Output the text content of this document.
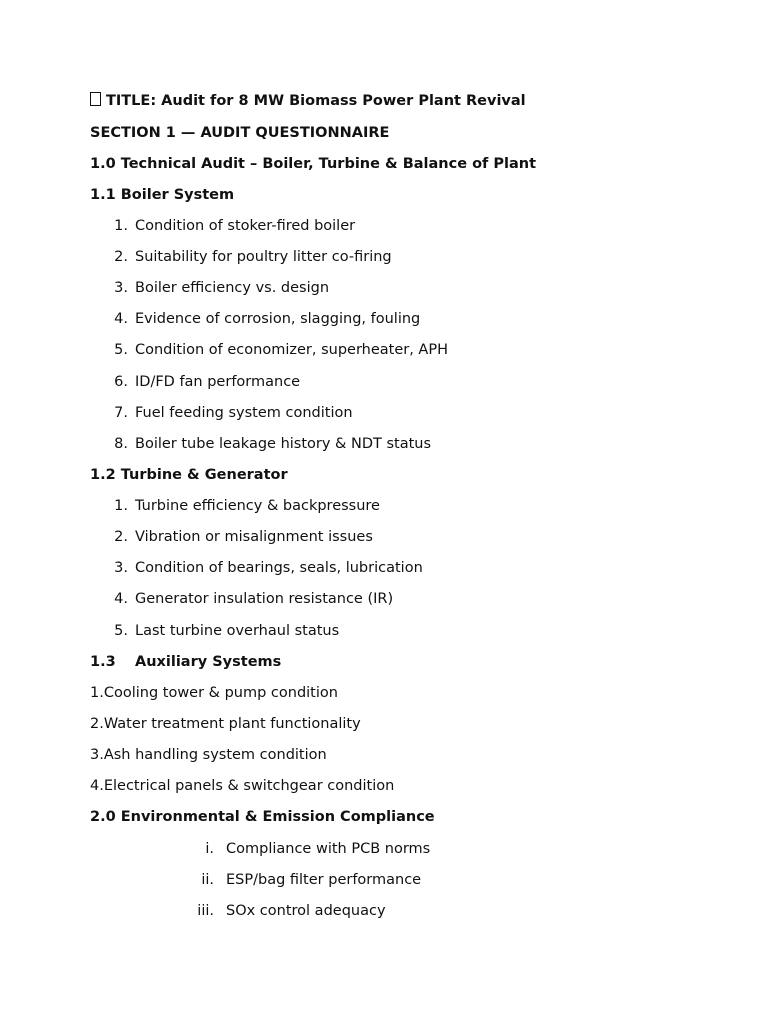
TITLE: Audit for 8 MW Biomass Power Plant Revival
SECTION 1 — AUDIT QUESTIONNAIRE
1.0 Technical Audit – Boiler, Turbine & Balance of Plant
1.1 Boiler System
1. Condition of stoker-fired boiler
2. Suitability for poultry litter co-firing
3. Boiler efficiency vs. design
4. Evidence of corrosion, slagging, fouling
5. Condition of economizer, superheater, APH
6. ID/FD fan performance
7. Fuel feeding system condition
8. Boiler tube leakage history & NDT status
1.2 Turbine & Generator
1. Turbine efficiency & backpressure
2. Vibration or misalignment issues
3. Condition of bearings, seals, lubrication
4. Generator insulation resistance (IR)
5. Last turbine overhaul status
1.3 Auxiliary Systems
1.Cooling tower & pump condition
2.Water treatment plant functionality
3.Ash handling system condition
4.Electrical panels & switchgear condition
2.0 Environmental & Emission Compliance
i. Compliance with PCB norms
ii. ESP/bag filter performance
iii. SOx control adequacy
